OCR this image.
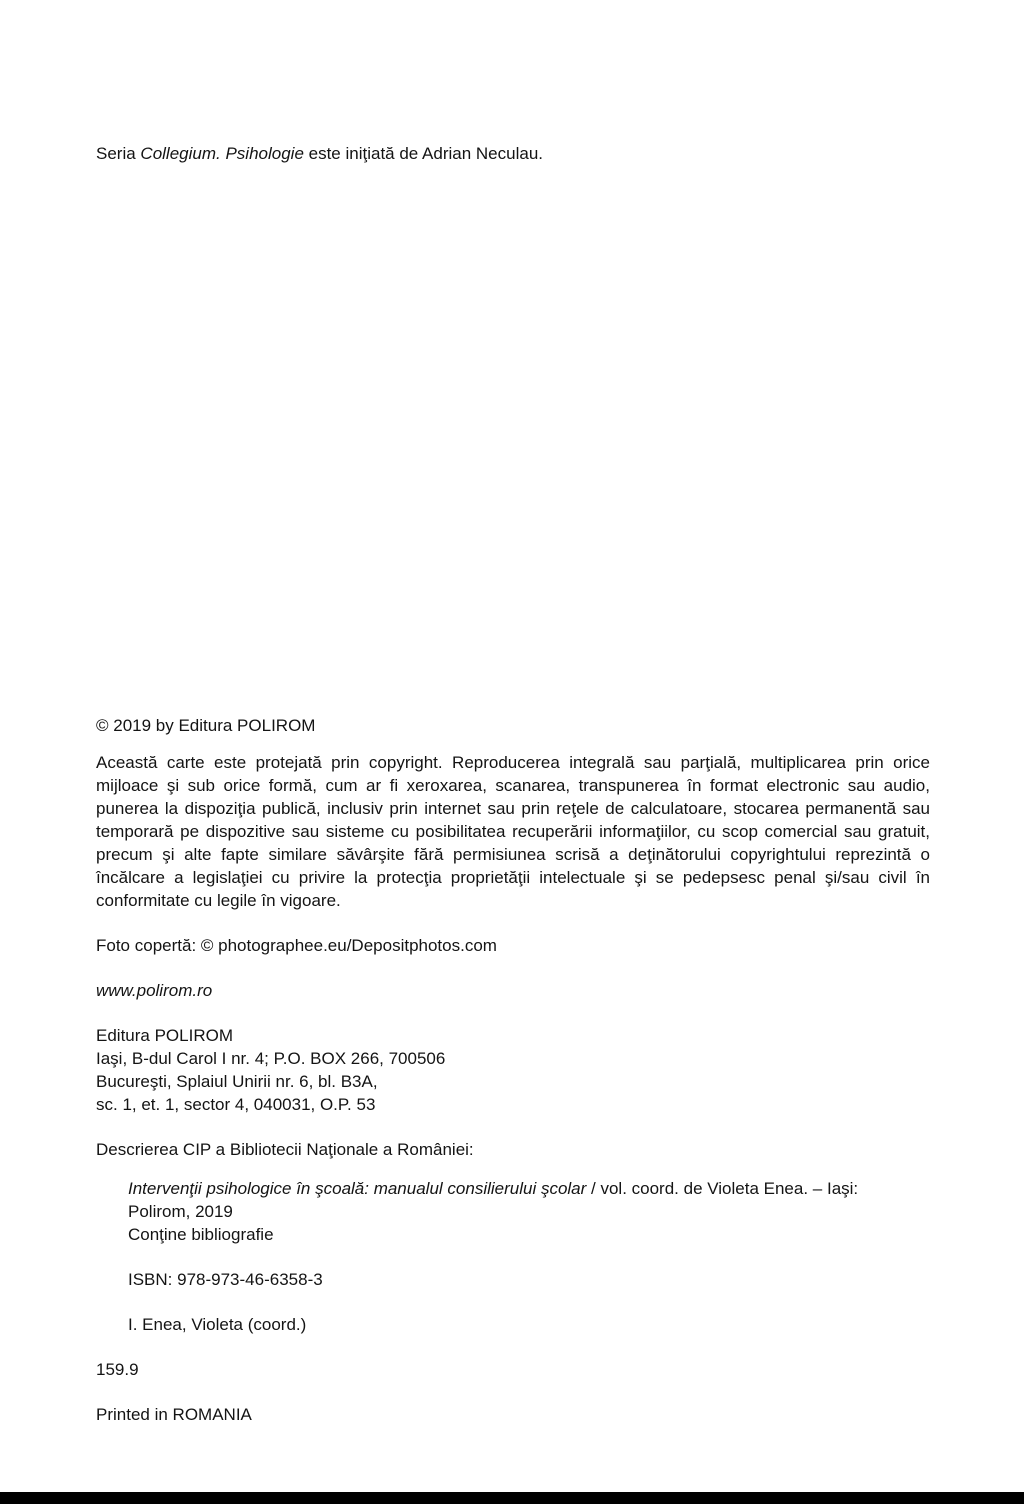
Seria Collegium. Psihologie este iniţiată de Adrian Neculau.

© 2019 by Editura POLIROM

Această carte este protejată prin copyright. Reproducerea integrală sau parţială, multiplicarea prin orice mijloace şi sub orice formă, cum ar fi xeroxarea, scanarea, transpunerea în format electronic sau audio, punerea la dispoziţia publică, inclusiv prin internet sau prin reţele de calculatoare, stocarea permanentă sau temporară pe dispozitive sau sisteme cu posibilitatea recuperării informaţiilor, cu scop comercial sau gratuit, precum şi alte fapte similare săvârşite fără permisiunea scrisă a deţinătorului copyrightului reprezintă o încălcare a legislaţiei cu privire la protecţia proprietăţii intelectuale şi se pedepsesc penal şi/sau civil în conformitate cu legile în vigoare.

Foto copertă: © photographee.eu/Depositphotos.com

www.polirom.ro

Editura POLIROM

Iaşi, B-dul Carol I nr. 4; P.O. BOX 266, 700506

Bucureşti, Splaiul Unirii nr. 6, bl. B3A,

sc. 1, et. 1, sector 4, 040031, O.P. 53

Descrierea CIP a Bibliotecii Naţionale a României:

Intervenţii psihologice în şcoală: manualul consilierului şcolar / vol. coord. de Violeta Enea. – Iaşi:

Polirom, 2019

Conţine bibliografie

ISBN: 978-973-46-6358-3

I. Enea, Violeta (coord.)

159.9

Printed in ROMANIA
